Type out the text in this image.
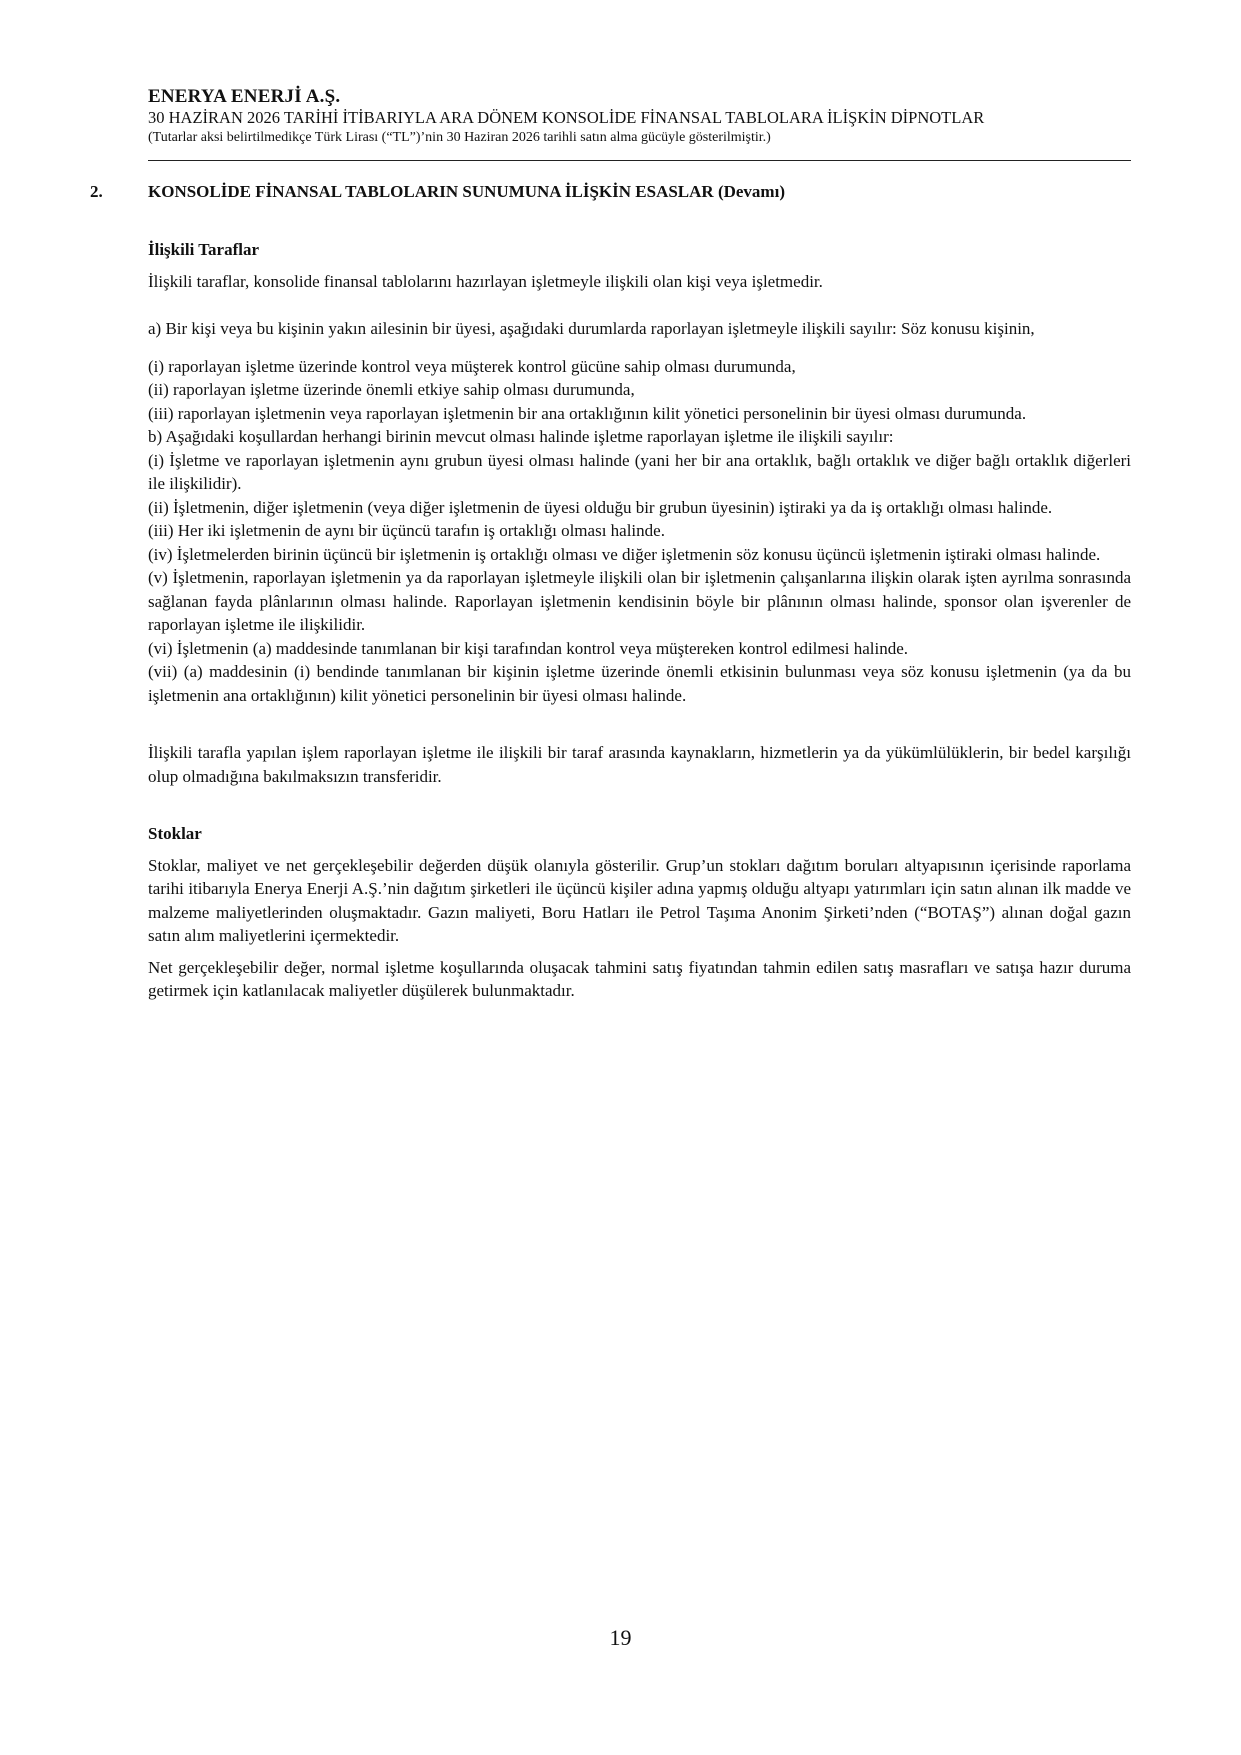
ENERYA ENERJİ A.Ş.
30 HAZİRAN 2026 TARİHİ İTİBARIYLA ARA DÖNEM KONSOLİDE FİNANSAL TABLOLARA İLİŞKİN DİPNOTLAR
(Tutarlar aksi belirtilmedikçe Türk Lirası (“TL”)’nin 30 Haziran 2026 tarihli satın alma gücüyle gösterilmiştir.)
2.	KONSOLİDE FİNANSAL TABLOLARIN SUNUMUNA İLİŞKİN ESASLAR (Devamı)

İlişkili Taraflar

İlişkili taraflar, konsolide finansal tablolarını hazırlayan işletmeyle ilişkili olan kişi veya işletmedir.

a) Bir kişi veya bu kişinin yakın ailesinin bir üyesi, aşağıdaki durumlarda raporlayan işletmeyle ilişkili sayılır: Söz konusu kişinin,

(i) raporlayan işletme üzerinde kontrol veya müşterek kontrol gücüne sahip olması durumunda,

(ii) raporlayan işletme üzerinde önemli etkiye sahip olması durumunda,

(iii) raporlayan işletmenin veya raporlayan işletmenin bir ana ortaklığının kilit yönetici personelinin bir üyesi olması durumunda.

b) Aşağıdaki koşullardan herhangi birinin mevcut olması halinde işletme raporlayan işletme ile ilişkili sayılır:

(i) İşletme ve raporlayan işletmenin aynı grubun üyesi olması halinde (yani her bir ana ortaklık, bağlı ortaklık ve diğer bağlı ortaklık diğerleri ile ilişkilidir).

(ii) İşletmenin, diğer işletmenin (veya diğer işletmenin de üyesi olduğu bir grubun üyesinin) iştiraki ya da iş ortaklığı olması halinde.

(iii) Her iki işletmenin de aynı bir üçüncü tarafın iş ortaklığı olması halinde.

(iv) İşletmelerden birinin üçüncü bir işletmenin iş ortaklığı olması ve diğer işletmenin söz konusu üçüncü işletmenin iştiraki olması halinde.

(v) İşletmenin, raporlayan işletmenin ya da raporlayan işletmeyle ilişkili olan bir işletmenin çalışanlarına ilişkin olarak işten ayrılma sonrasında sağlanan fayda plânlarının olması halinde. Raporlayan işletmenin kendisinin böyle bir plânının olması halinde, sponsor olan işverenler de raporlayan işletme ile ilişkilidir.

(vi) İşletmenin (a) maddesinde tanımlanan bir kişi tarafından kontrol veya müştereken kontrol edilmesi halinde.

(vii) (a) maddesinin (i) bendinde tanımlanan bir kişinin işletme üzerinde önemli etkisinin bulunması veya söz konusu işletmenin (ya da bu işletmenin ana ortaklığının) kilit yönetici personelinin bir üyesi olması halinde.

İlişkili tarafla yapılan işlem raporlayan işletme ile ilişkili bir taraf arasında kaynakların, hizmetlerin ya da yükümlülüklerin, bir bedel karşılığı olup olmadığına bakılmaksızın transferidir.

Stoklar

Stoklar, maliyet ve net gerçekleşebilir değerden düşük olanıyla gösterilir. Grup’un stokları dağıtım boruları altyapısının içerisinde raporlama tarihi itibarıyla Enerya Enerji A.Ş.’nin dağıtım şirketleri ile üçüncü kişiler adına yapmış olduğu altyapı yatırımları için satın alınan ilk madde ve malzeme maliyetlerinden oluşmaktadır. Gazın maliyeti, Boru Hatları ile Petrol Taşıma Anonim Şirketi’nden (“BOTAŞ”) alınan doğal gazın satın alım maliyetlerini içermektedir.

Net gerçekleşebilir değer, normal işletme koşullarında oluşacak tahmini satış fiyatından tahmin edilen satış masrafları ve satışa hazır duruma getirmek için katlanılacak maliyetler düşülerek bulunmaktadır.

19
